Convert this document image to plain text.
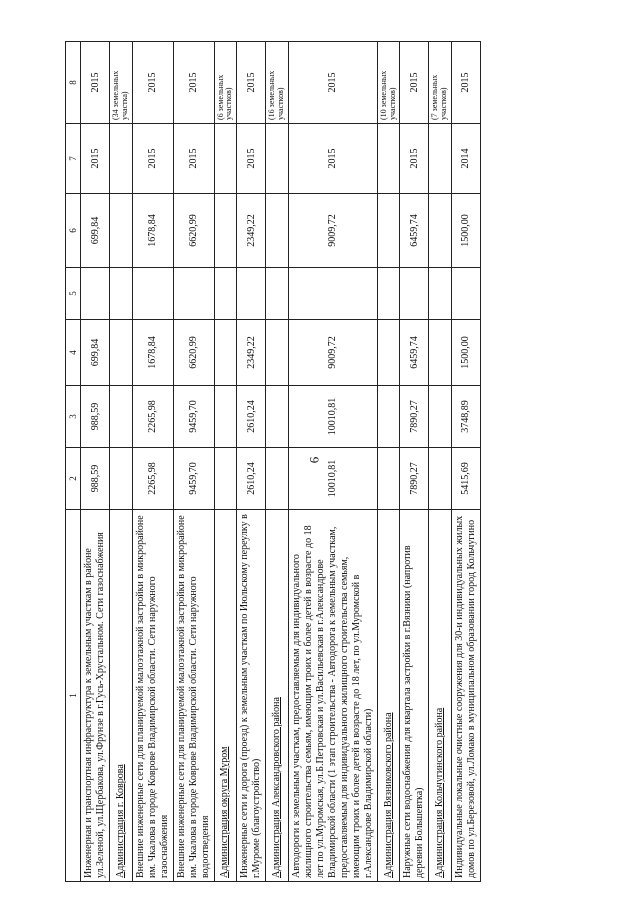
6
1	2	3	4	5	6	7	8
Инженерная и транспортная инфраструктура к земельным участкам в районе ул.Зеленой, ул.Щербакова, ул.Фрунзе в г.Гусь-Хрустальном. Сети газоснабжения	988,59	988,59	699,84		699,84	2015	2015
Администрация г. Коврова							(34 земельных участка)
Внешние инженерные сети для планируемой малоэтажной застройки в микрорайоне им. Чкалова в городе Коврове Владимирской области. Сети наружного газоснабжения	2265,98	2265,98	1678,84		1678,84	2015	2015
Внешние инженерные сети для планируемой малоэтажной застройки в микрорайоне им. Чкалова в городе Коврове Владимирской области. Сети наружного водоотведения	9459,70	9459,70	6620,99		6620,99	2015	2015
Администрация округа Муром							(6 земельных участков)
Инженерные сети и дорога (проезд) к земельным участкам по Июльскому переулку в г.Муроме (благоустройство)	2610,24	2610,24	2349,22		2349,22	2015	2015
Администрация Александровского района							(16 земельных участков)
Автодороги к земельным участкам, предоставляемым для индивидуального жилищного строительства семьям, имеющим троих и более детей в возрасте до 18 лет по ул.Муромская, ул.Б.Петровская и ул.Васильевская в г.Александрове Владимирской области (1 этап строительства - Автодорога к земельным участкам, предоставляемым для индивидуального жилищного строительства семьям, имеющим троих и более детей в возрасте до 18 лет, по ул.Муромской в г.Александрове Владимирской области)	10010,81	10010,81	9009,72		9009,72	2015	2015
Администрация Вязниковского района							(10 земельных участков)
Наружные сети водоснабжения для квартала застройки в г.Вязники (напротив деревни Большевтка)	7890,27	7890,27	6459,74		6459,74	2015	2015
Администрация Кольчугинского района							(7 земельных участков)
Индивидуальные локальные очистные сооружения для 30-и индивидуальных жилых домов по ул.Березовой, ул.Ломако в муниципальном образовании город Кольчугино	5415,69	3748,89	1500,00		1500,00	2014	2015
